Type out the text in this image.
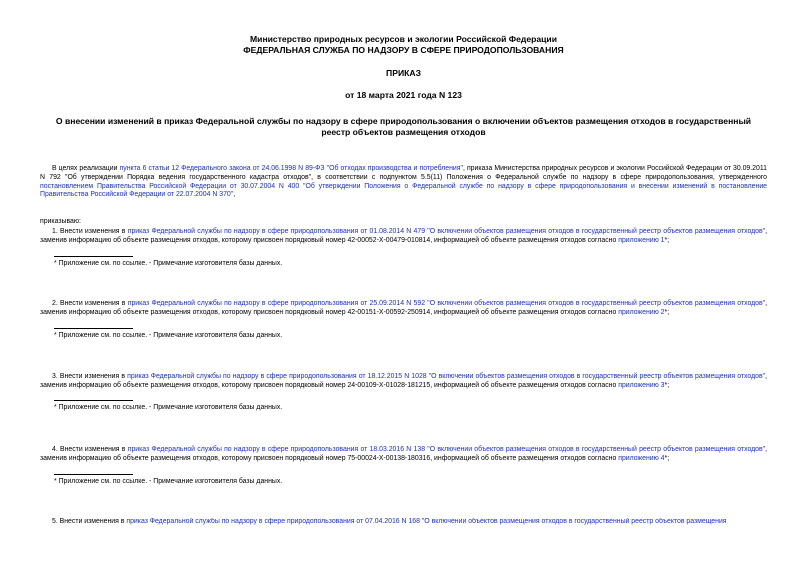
Министерство природных ресурсов и экологии Российской Федерации
ФЕДЕРАЛЬНАЯ СЛУЖБА ПО НАДЗОРУ В СФЕРЕ ПРИРОДОПОЛЬЗОВАНИЯ
ПРИКАЗ
от 18 марта 2021 года N 123
О внесении изменений в приказ Федеральной службы по надзору в сфере природопользования о включении объектов размещения отходов в государственный
реестр объектов размещения отходов

В целях реализации пункта 6 статьи 12 Федерального закона от 24.06.1998 N 89-ФЗ "Об отходах производства и потребления", приказа Министерства природных ресурсов и экологии Российской Федерации от 30.09.2011 N 792 "Об утверждении Порядка ведения государственного кадастра отходов", в соответствии с подпунктом 5.5(11) Положения о Федеральной службе по надзору в сфере природопользования, утвержденного постановлением Правительства Российской Федерации от 30.07.2004 N 400 "Об утверждении Положения о Федеральной службе по надзору в сфере природопользования и внесении изменений в постановление Правительства Российской Федерации от 22.07.2004 N 370",

приказываю:

1. Внести изменения в приказ Федеральной службы по надзору в сфере природопользования от 01.08.2014 N 479 "О включении объектов размещения отходов в государственный реестр объектов размещения отходов", заменив информацию об объекте размещения отходов, которому присвоен порядковый номер 42-00052-Х-00479-010814, информацией об объекте размещения отходов согласно приложению 1*;

* Приложение см. по ссылке. - Примечание изготовителя базы данных.

2. Внести изменения в приказ Федеральной службы по надзору в сфере природопользования от 25.09.2014 N 592 "О включении объектов размещения отходов в государственный реестр объектов размещения отходов", заменив информацию об объекте размещения отходов, которому присвоен порядковый номер 42-00151-Х-00592-250914, информацией об объекте размещения отходов согласно приложению 2*;

* Приложение см. по ссылке. - Примечание изготовителя базы данных.

3. Внести изменения в приказ Федеральной службы по надзору в сфере природопользования от 18.12.2015 N 1028 "О включении объектов размещения отходов в государственный реестр объектов размещения отходов", заменив информацию об объекте размещения отходов, которому присвоен порядковый номер 24-00109-Х-01028-181215, информацией об объекте размещения отходов согласно приложению 3*;

* Приложение см. по ссылке. - Примечание изготовителя базы данных.

4. Внести изменения в приказ Федеральной службы по надзору в сфере природопользования от 18.03.2016 N 138 "О включении объектов размещения отходов в государственный реестр объектов размещения отходов", заменив информацию об объекте размещения отходов, которому присвоен порядковый номер 75-00024-Х-00138-180316, информацией об объекте размещения отходов согласно приложению 4*;

* Приложение см. по ссылке. - Примечание изготовителя базы данных.

5. Внести изменения в приказ Федеральной службы по надзору в сфере природопользования от 07.04.2016 N 168 "О включении объектов размещения отходов в государственный реестр объектов размещения
